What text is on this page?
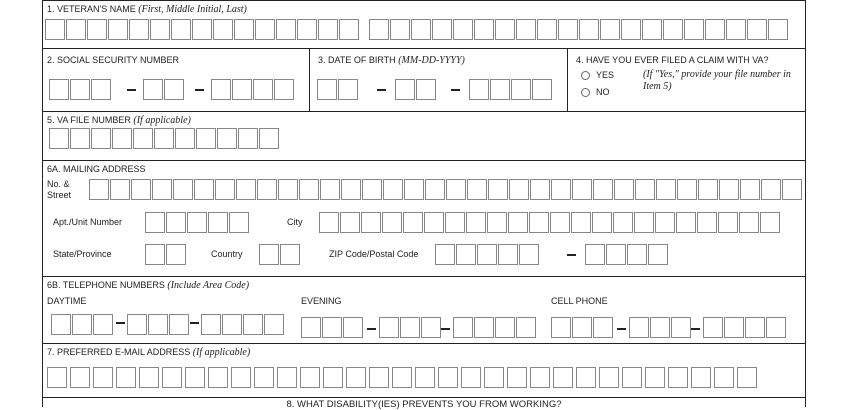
1. VETERAN'S NAME (First, Middle Initial, Last)
2. SOCIAL SECURITY NUMBER	3. DATE OF BIRTH (MM-DD-YYYY)	4. HAVE YOU EVER FILED A CLAIM WITH VA?
YES
NO
(If "Yes," provide your file number in Item 5)
5. VA FILE NUMBER (If applicable)
6A. MAILING ADDRESS
No. & Street
Apt./Unit Number	City
State/Province	Country	ZIP Code/Postal Code
6B. TELEPHONE NUMBERS (Include Area Code)
DAYTIME	EVENING	CELL PHONE
7. PREFERRED E-MAIL ADDRESS (If applicable)
8. WHAT DISABILITY(IES) PREVENTS YOU FROM WORKING?
